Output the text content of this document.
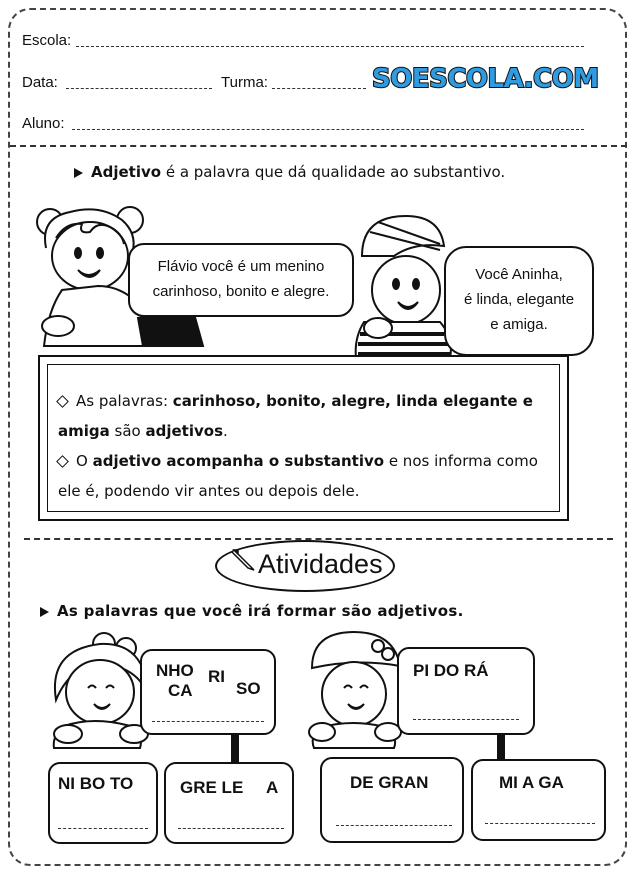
Escola:
Data:	Turma:	SOESCOLA.COM
Aluno:
Adjetivo é a palavra que dá qualidade ao substantivo.
Flávio você é um menino
carinhoso, bonito e alegre.
Você Aninha,
é linda, elegante
e amiga.
As palavras: carinhoso, bonito, alegre, linda elegante e
amiga são adjetivos.
O adjetivo acompanha o substantivo e nos informa como
ele é, podendo vir antes ou depois dele.
Atividades
As palavras que você irá formar são adjetivos.
NHO RI
CA	SO
PI DO RÁ
NI BO TO	GRE LE A	DE GRAN	MI A GA
